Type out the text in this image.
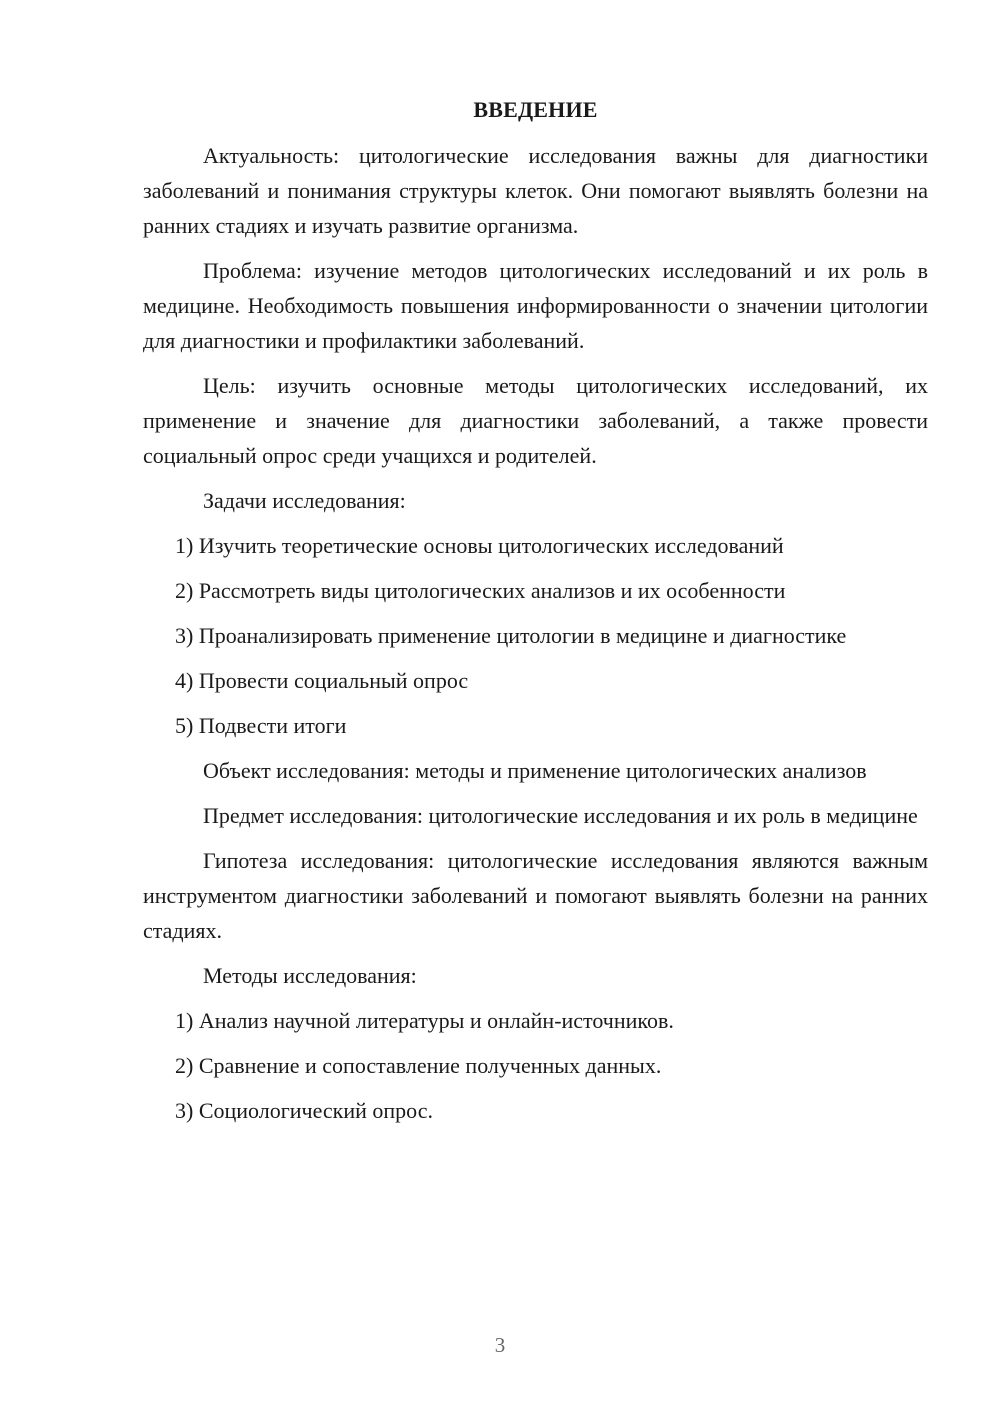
ВВЕДЕНИЕ

Актуальность: цитологические исследования важны для диагностики заболеваний и понимания структуры клеток. Они помогают выявлять болезни на ранних стадиях и изучать развитие организма.

Проблема: изучение методов цитологических исследований и их роль в медицине. Необходимость повышения информированности о значении цитологии для диагностики и профилактики заболеваний.

Цель: изучить основные методы цитологических исследований, их применение и значение для диагностики заболеваний, а также провести социальный опрос среди учащихся и родителей.

Задачи исследования:

1) Изучить теоретические основы цитологических исследований

2) Рассмотреть виды цитологических анализов и их особенности

3) Проанализировать применение цитологии в медицине и диагностике

4) Провести социальный опрос

5) Подвести итоги

Объект исследования: методы и применение цитологических анализов

Предмет исследования: цитологические исследования и их роль в медицине

Гипотеза исследования: цитологические исследования являются важным инструментом диагностики заболеваний и помогают выявлять болезни на ранних стадиях.

Методы исследования:

1) Анализ научной литературы и онлайн-источников.

2) Сравнение и сопоставление полученных данных.

3) Социологический опрос.

3
